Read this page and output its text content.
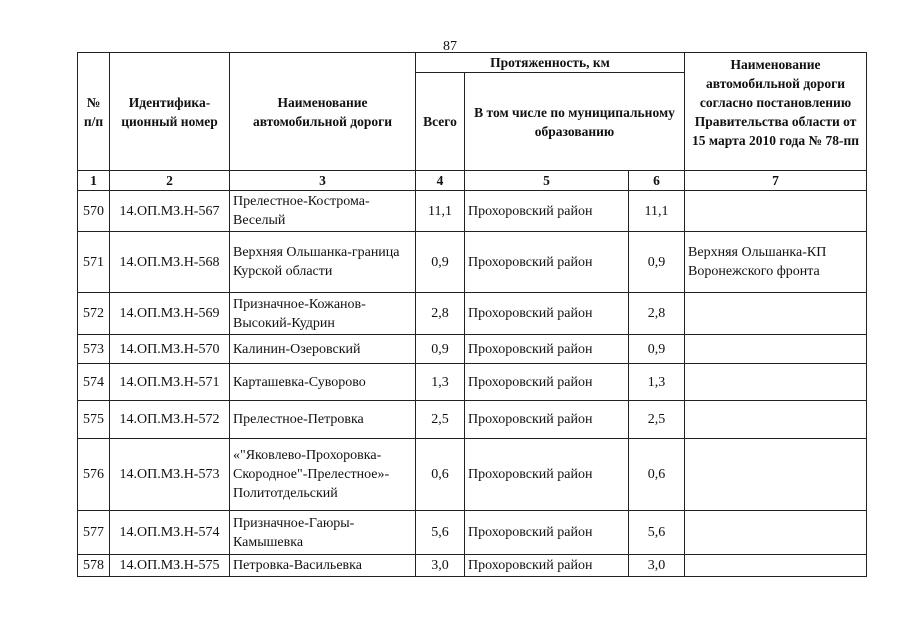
87
№ п/п	Идентифика-ционный номер	Наименование автомобильной дороги	Протяженность, км			Наименование автомобильной дороги согласно постановлению Правительства области от 15 марта 2010 года № 78-пп
			Всего	В том числе по муниципальному образованию		
1	2	3	4	5	6	7
570	14.ОП.МЗ.Н-567	Прелестное-Кострома-Веселый	11,1	Прохоровский район	11,1	
571	14.ОП.МЗ.Н-568	Верхняя Ольшанка-граница Курской области	0,9	Прохоровский район	0,9	Верхняя Ольшанка-КП Воронежского фронта
572	14.ОП.МЗ.Н-569	Призначное-Кожанов-Высокий-Кудрин	2,8	Прохоровский район	2,8	
573	14.ОП.МЗ.Н-570	Калинин-Озеровский	0,9	Прохоровский район	0,9	
574	14.ОП.МЗ.Н-571	Карташевка-Суворово	1,3	Прохоровский район	1,3	
575	14.ОП.МЗ.Н-572	Прелестное-Петровка	2,5	Прохоровский район	2,5	
576	14.ОП.МЗ.Н-573	«"Яковлево-Прохоровка-Скородное"-Прелестное»-Политотдельский	0,6	Прохоровский район	0,6	
577	14.ОП.МЗ.Н-574	Призначное-Гаюры-Камышевка	5,6	Прохоровский район	5,6	
578	14.ОП.МЗ.Н-575	Петровка-Васильевка	3,0	Прохоровский район	3,0	
